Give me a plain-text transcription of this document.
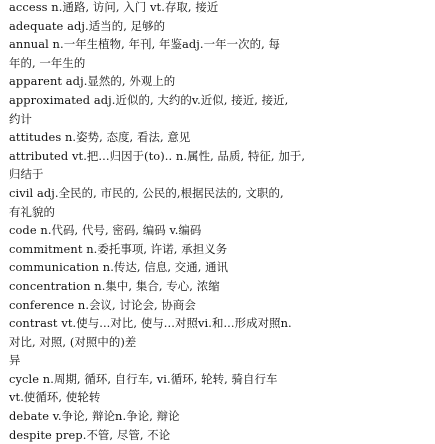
access n.通路, 访问, 入门 vt.存取, 接近
adequate adj.适当的, 足够的
annual n.一年生植物, 年刊, 年鉴adj.一年一次的, 每
年的, 一年生的
apparent adj.显然的, 外观上的
approximated adj.近似的, 大约的v.近似, 接近, 接近,
约计
attitudes n.姿势, 态度, 看法, 意见
attributed vt.把...归因于(to).. n.属性, 品质, 特征, 加于,
归结于
civil adj.全民的, 市民的, 公民的,根据民法的, 文职的,
有礼貌的
code n.代码, 代号, 密码, 编码 v.编码
commitment n.委托事项, 许诺, 承担义务
communication n.传达, 信息, 交通, 通讯
concentration n.集中, 集合, 专心, 浓缩
conference n.会议, 讨论会, 协商会
contrast vt.使与...对比, 使与...对照vi.和...形成对照n.
对比, 对照, (对照中的)差
异
cycle n.周期, 循环, 自行车, vi.循环, 轮转, 骑自行车
vt.使循环, 使轮转
debate v.争论, 辩论n.争论, 辩论
despite prep.不管, 尽管, 不论
